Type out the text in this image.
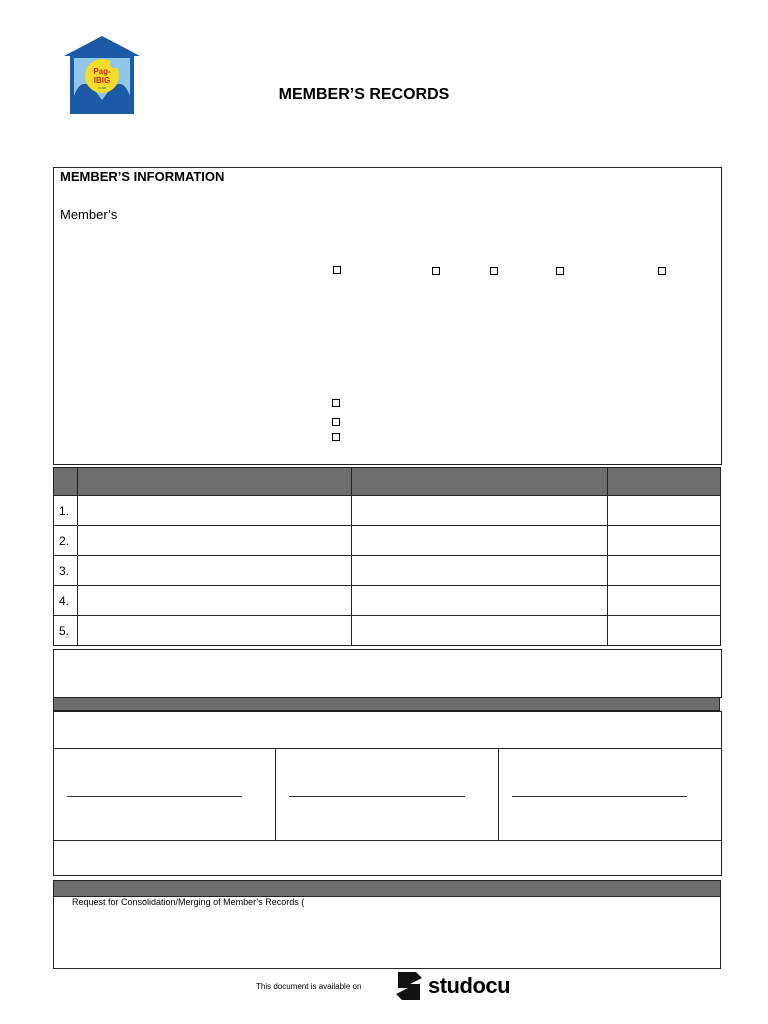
Pag-
IBIG
FUND	MEMBER’S RECORDS
MEMBER’S INFORMATION
Member’s

1.			
2.			
3.			
4.			
5.			
Request for Consolidation/Merging of Member’s Records (
This document is available on	studocu
